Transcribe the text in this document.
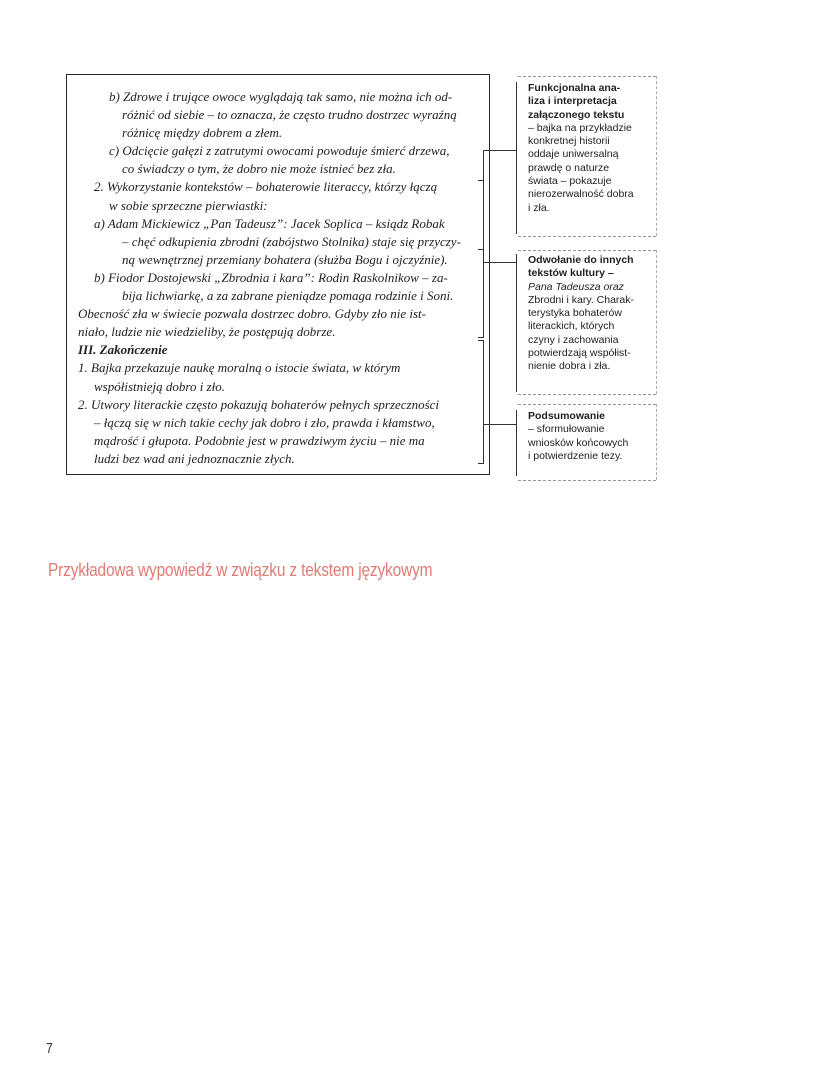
b) Zdrowe i trujące owoce wyglądają tak samo, nie można ich od-
różnić od siebie – to oznacza, że często trudno dostrzec wyraźną
różnicę między dobrem a złem.
c) Odcięcie gałęzi z zatrutymi owocami powoduje śmierć drzewa,
co świadczy o tym, że dobro nie może istnieć bez zła.
2. Wykorzystanie kontekstów – bohaterowie literaccy, którzy łączą
w sobie sprzeczne pierwiastki:
a) Adam Mickiewicz „Pan Tadeusz”: Jacek Soplica – ksiądz Robak
– chęć odkupienia zbrodni (zabójstwo Stolnika) staje się przyczy-
ną wewnętrznej przemiany bohatera (służba Bogu i ojczyźnie).
b) Fiodor Dostojewski „Zbrodnia i kara”: Rodin Raskolnikow – za-
bija lichwiarkę, a za zabrane pieniądze pomaga rodzinie i Soni.
Obecność zła w świecie pozwala dostrzec dobro. Gdyby zło nie ist-
niało, ludzie nie wiedzieliby, że postępują dobrze.
III. Zakończenie
1. Bajka przekazuje naukę moralną o istocie świata, w którym
współistnieją dobro i zło.
2. Utwory literackie często pokazują bohaterów pełnych sprzeczności
– łączą się w nich takie cechy jak dobro i zło, prawda i kłamstwo,
mądrość i głupota. Podobnie jest w prawdziwym życiu – nie ma
ludzi bez wad ani jednoznacznie złych.
Funkcjonalna ana-
liza i interpretacja
załączonego tekstu
– bajka na przykładzie
konkretnej historii
oddaje uniwersalną
prawdę o naturze
świata – pokazuje
nierozerwalność dobra
i zła.
Odwołanie do innych
tekstów kultury –
Pana Tadeusza oraz
Zbrodni i kary. Charak-
terystyka bohaterów
literackich, których
czyny i zachowania
potwierdzają współist-
nienie dobra i zła.
Podsumowanie
– sformułowanie
wniosków końcowych
i potwierdzenie tezy.
Przykładowa wypowiedź w związku z tekstem językowym
7
